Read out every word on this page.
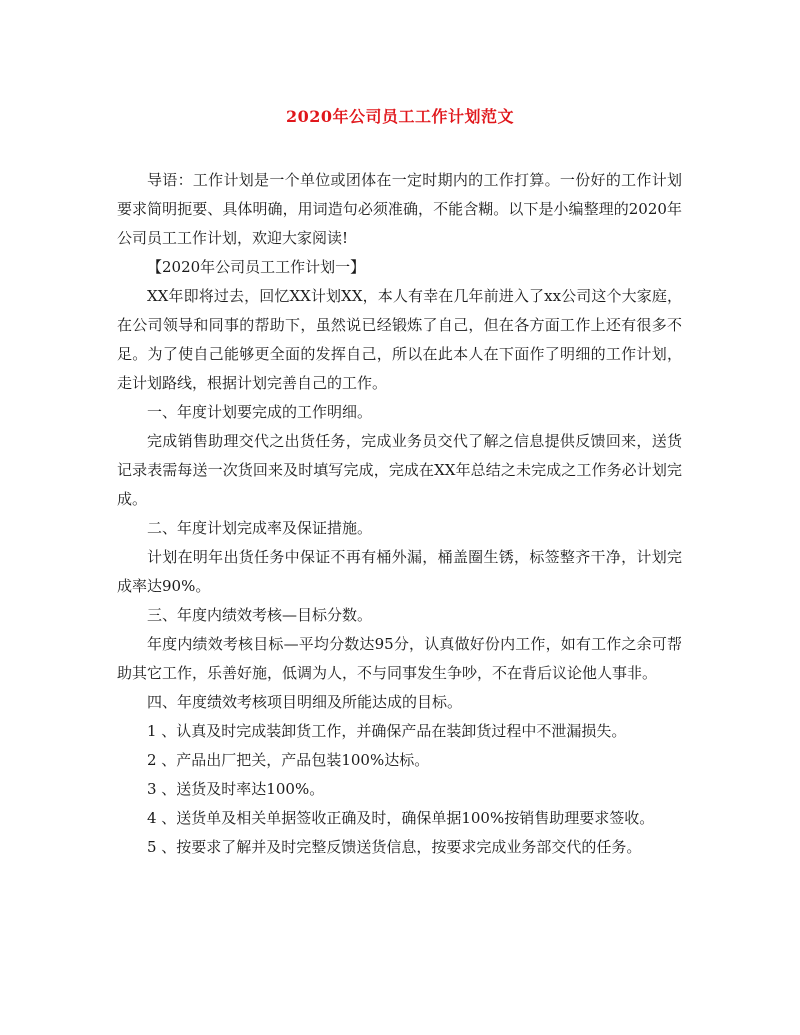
2020年公司员工工作计划范文

导语：工作计划是一个单位或团体在一定时期内的工作打算。一份好的工作计划要求简明扼要、具体明确，用词造句必须准确，不能含糊。以下是小编整理的2020年公司员工工作计划，欢迎大家阅读!

【2020年公司员工工作计划一】

XX年即将过去，回忆XX计划XX，本人有幸在几年前进入了xx公司这个大家庭，在公司领导和同事的帮助下，虽然说已经锻炼了自己，但在各方面工作上还有很多不足。为了使自己能够更全面的发挥自己，所以在此本人在下面作了明细的工作计划，走计划路线，根据计划完善自己的工作。

一、年度计划要完成的工作明细。

完成销售助理交代之出货任务，完成业务员交代了解之信息提供反馈回来，送货记录表需每送一次货回来及时填写完成，完成在XX年总结之未完成之工作务必计划完成。

二、年度计划完成率及保证措施。

计划在明年出货任务中保证不再有桶外漏，桶盖圈生锈，标签整齐干净，计划完成率达90%。

三、年度内绩效考核—目标分数。

年度内绩效考核目标—平均分数达95分，认真做好份内工作，如有工作之余可帮助其它工作，乐善好施，低调为人，不与同事发生争吵，不在背后议论他人事非。

四、年度绩效考核项目明细及所能达成的目标。

1 、认真及时完成装卸货工作，并确保产品在装卸货过程中不泄漏损失。

2 、产品出厂把关，产品包装100%达标。

3 、送货及时率达100%。

4 、送货单及相关单据签收正确及时，确保单据100%按销售助理要求签收。

5 、按要求了解并及时完整反馈送货信息，按要求完成业务部交代的任务。
